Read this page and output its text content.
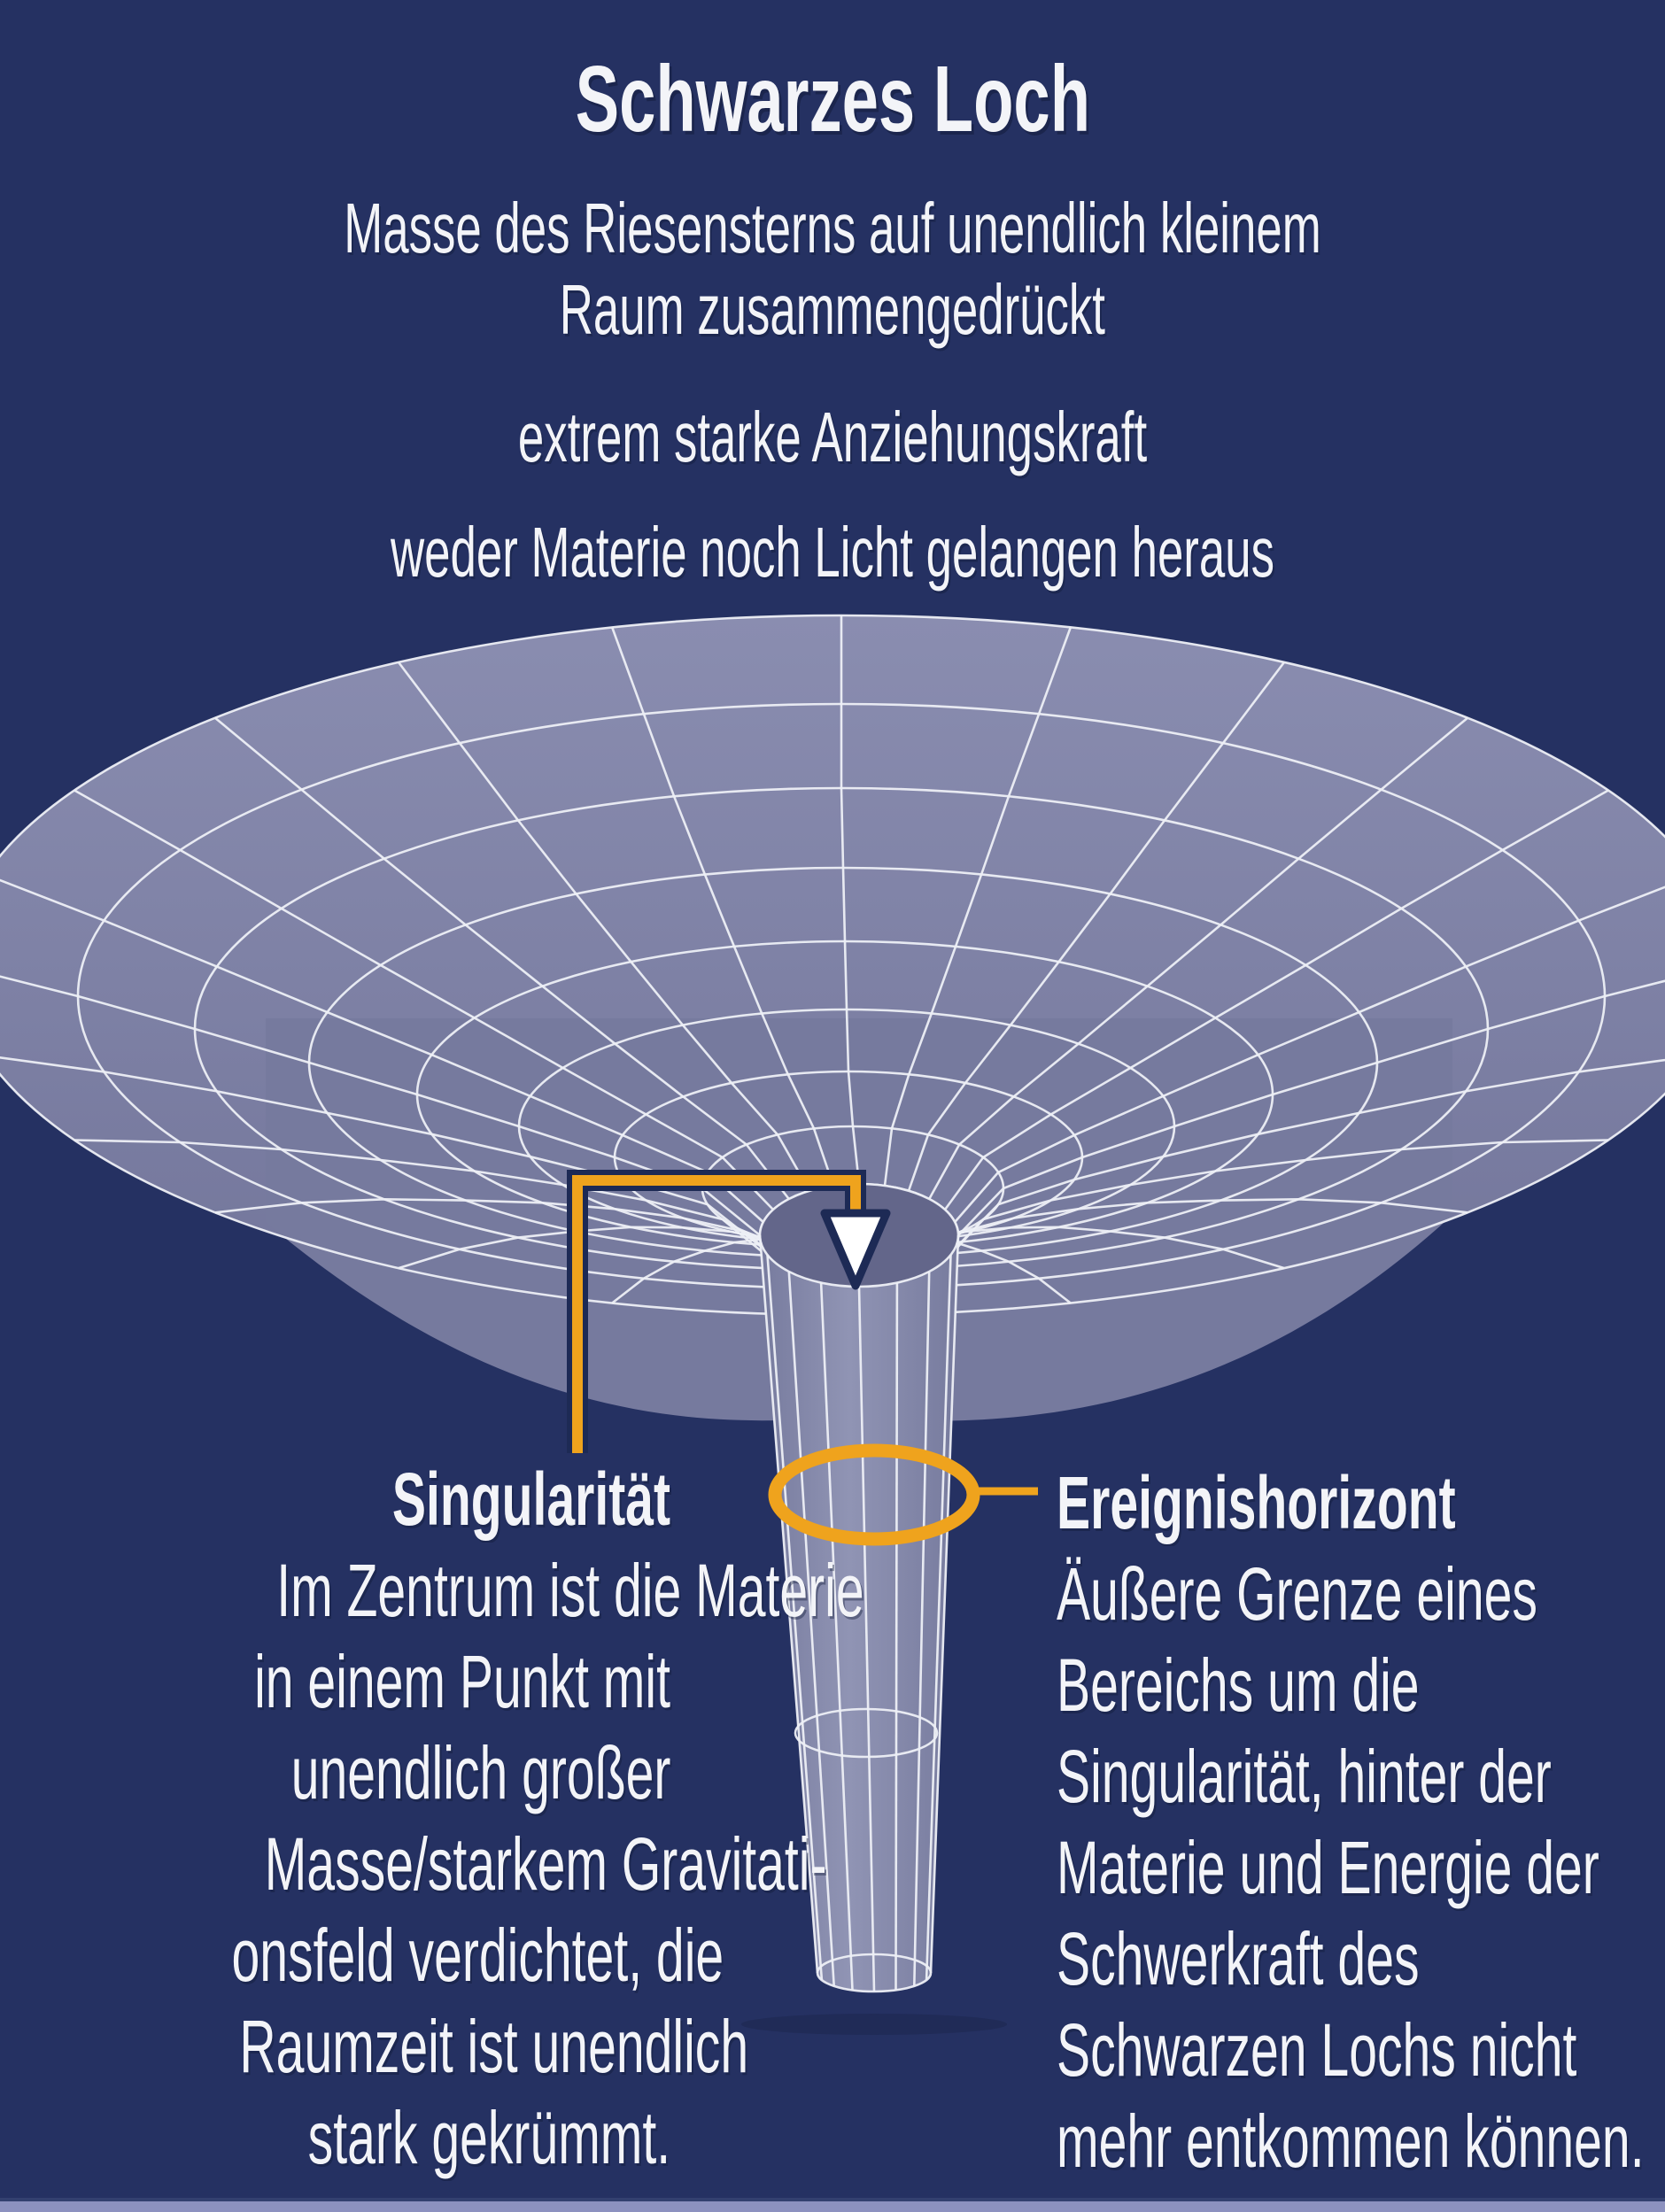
Schwarzes Loch
Masse des Riesensterns auf unendlich kleinem
Raum zusammengedrückt
extrem starke Anziehungskraft
weder Materie noch Licht gelangen heraus
Singularität
Im Zentrum ist die Materie
in einem Punkt mit
unendlich großer
Masse/starkem Gravitati-
onsfeld verdichtet, die
Raumzeit ist unendlich
stark gekrümmt.
Ereignishorizont
Äußere Grenze eines
Bereichs um die
Singularität, hinter der
Materie und Energie der
Schwerkraft des
Schwarzen Lochs nicht
mehr entkommen können.
